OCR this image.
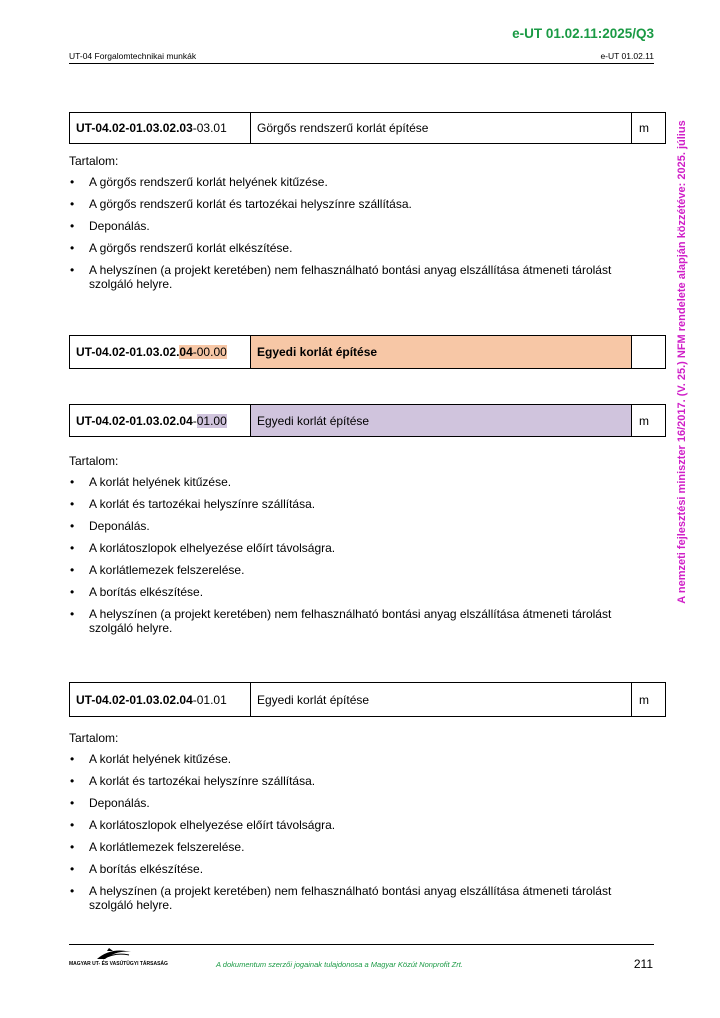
e-UT 01.02.11:2025/Q3
UT-04 Forgalomtechnikai munkák	e-UT 01.02.11
A nemzeti fejlesztési miniszter 16/2017. (V. 25.) NFM rendelete alapján közzétéve: 2025. július
UT-04.02-01.03.02.03-03.01	Görgős rendszerű korlát építése	m

Tartalom:

• A görgős rendszerű korlát helyének kitűzése.
• A görgős rendszerű korlát és tartozékai helyszínre szállítása.
• Deponálás.
• A görgős rendszerű korlát elkészítése.
• A helyszínen (a projekt keretében) nem felhasználható bontási anyag elszállítása átmeneti tárolást szolgáló helyre.
UT-04.02-01.03.02.04-00.00	Egyedi korlát építése	
UT-04.02-01.03.02.04-01.00	Egyedi korlát építése	m

Tartalom:

• A korlát helyének kitűzése.
• A korlát és tartozékai helyszínre szállítása.
• Deponálás.
• A korlátoszlopok elhelyezése előírt távolságra.
• A korlátlemezek felszerelése.
• A borítás elkészítése.
• A helyszínen (a projekt keretében) nem felhasználható bontási anyag elszállítása átmeneti tárolást szolgáló helyre.
UT-04.02-01.03.02.04-01.01	Egyedi korlát építése	m

Tartalom:

• A korlát helyének kitűzése.
• A korlát és tartozékai helyszínre szállítása.
• Deponálás.
• A korlátoszlopok elhelyezése előírt távolságra.
• A korlátlemezek felszerelése.
• A borítás elkészítése.
• A helyszínen (a projekt keretében) nem felhasználható bontási anyag elszállítása átmeneti tárolást szolgáló helyre.
MAGYAR UT- ÉS VASÚTÜGYI TÁRSASÁG	A dokumentum szerzői jogainak tulajdonosa a Magyar Közút Nonprofit Zrt.	211
